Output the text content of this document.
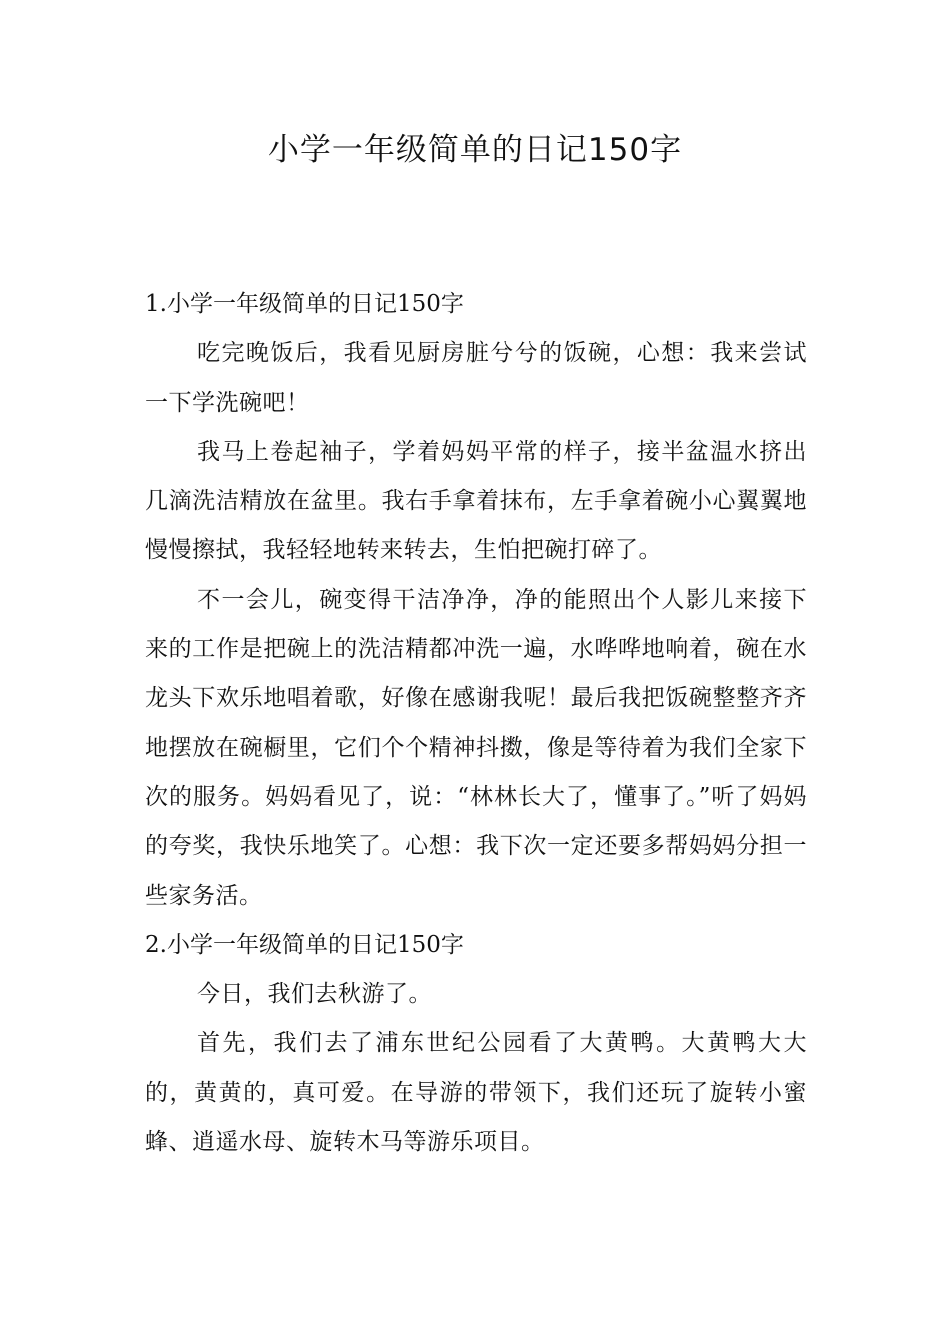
小学一年级简单的日记150字
1.小学一年级简单的日记150字

吃完晚饭后，我看见厨房脏兮兮的饭碗，心想：我来尝试一下学洗碗吧！

我马上卷起袖子，学着妈妈平常的样子，接半盆温水挤出几滴洗洁精放在盆里。我右手拿着抹布，左手拿着碗小心翼翼地慢慢擦拭，我轻轻地转来转去，生怕把碗打碎了。

不一会儿，碗变得干洁净净，净的能照出个人影儿来接下来的工作是把碗上的洗洁精都冲洗一遍，水哗哗地响着，碗在水龙头下欢乐地唱着歌，好像在感谢我呢！最后我把饭碗整整齐齐地摆放在碗橱里，它们个个精神抖擞，像是等待着为我们全家下次的服务。妈妈看见了，说：“林林长大了，懂事了。”听了妈妈的夸奖，我快乐地笑了。心想：我下次一定还要多帮妈妈分担一些家务活。

2.小学一年级简单的日记150字

今日，我们去秋游了。

首先，我们去了浦东世纪公园看了大黄鸭。大黄鸭大大的，黄黄的，真可爱。在导游的带领下，我们还玩了旋转小蜜蜂、逍遥水母、旋转木马等游乐项目。
